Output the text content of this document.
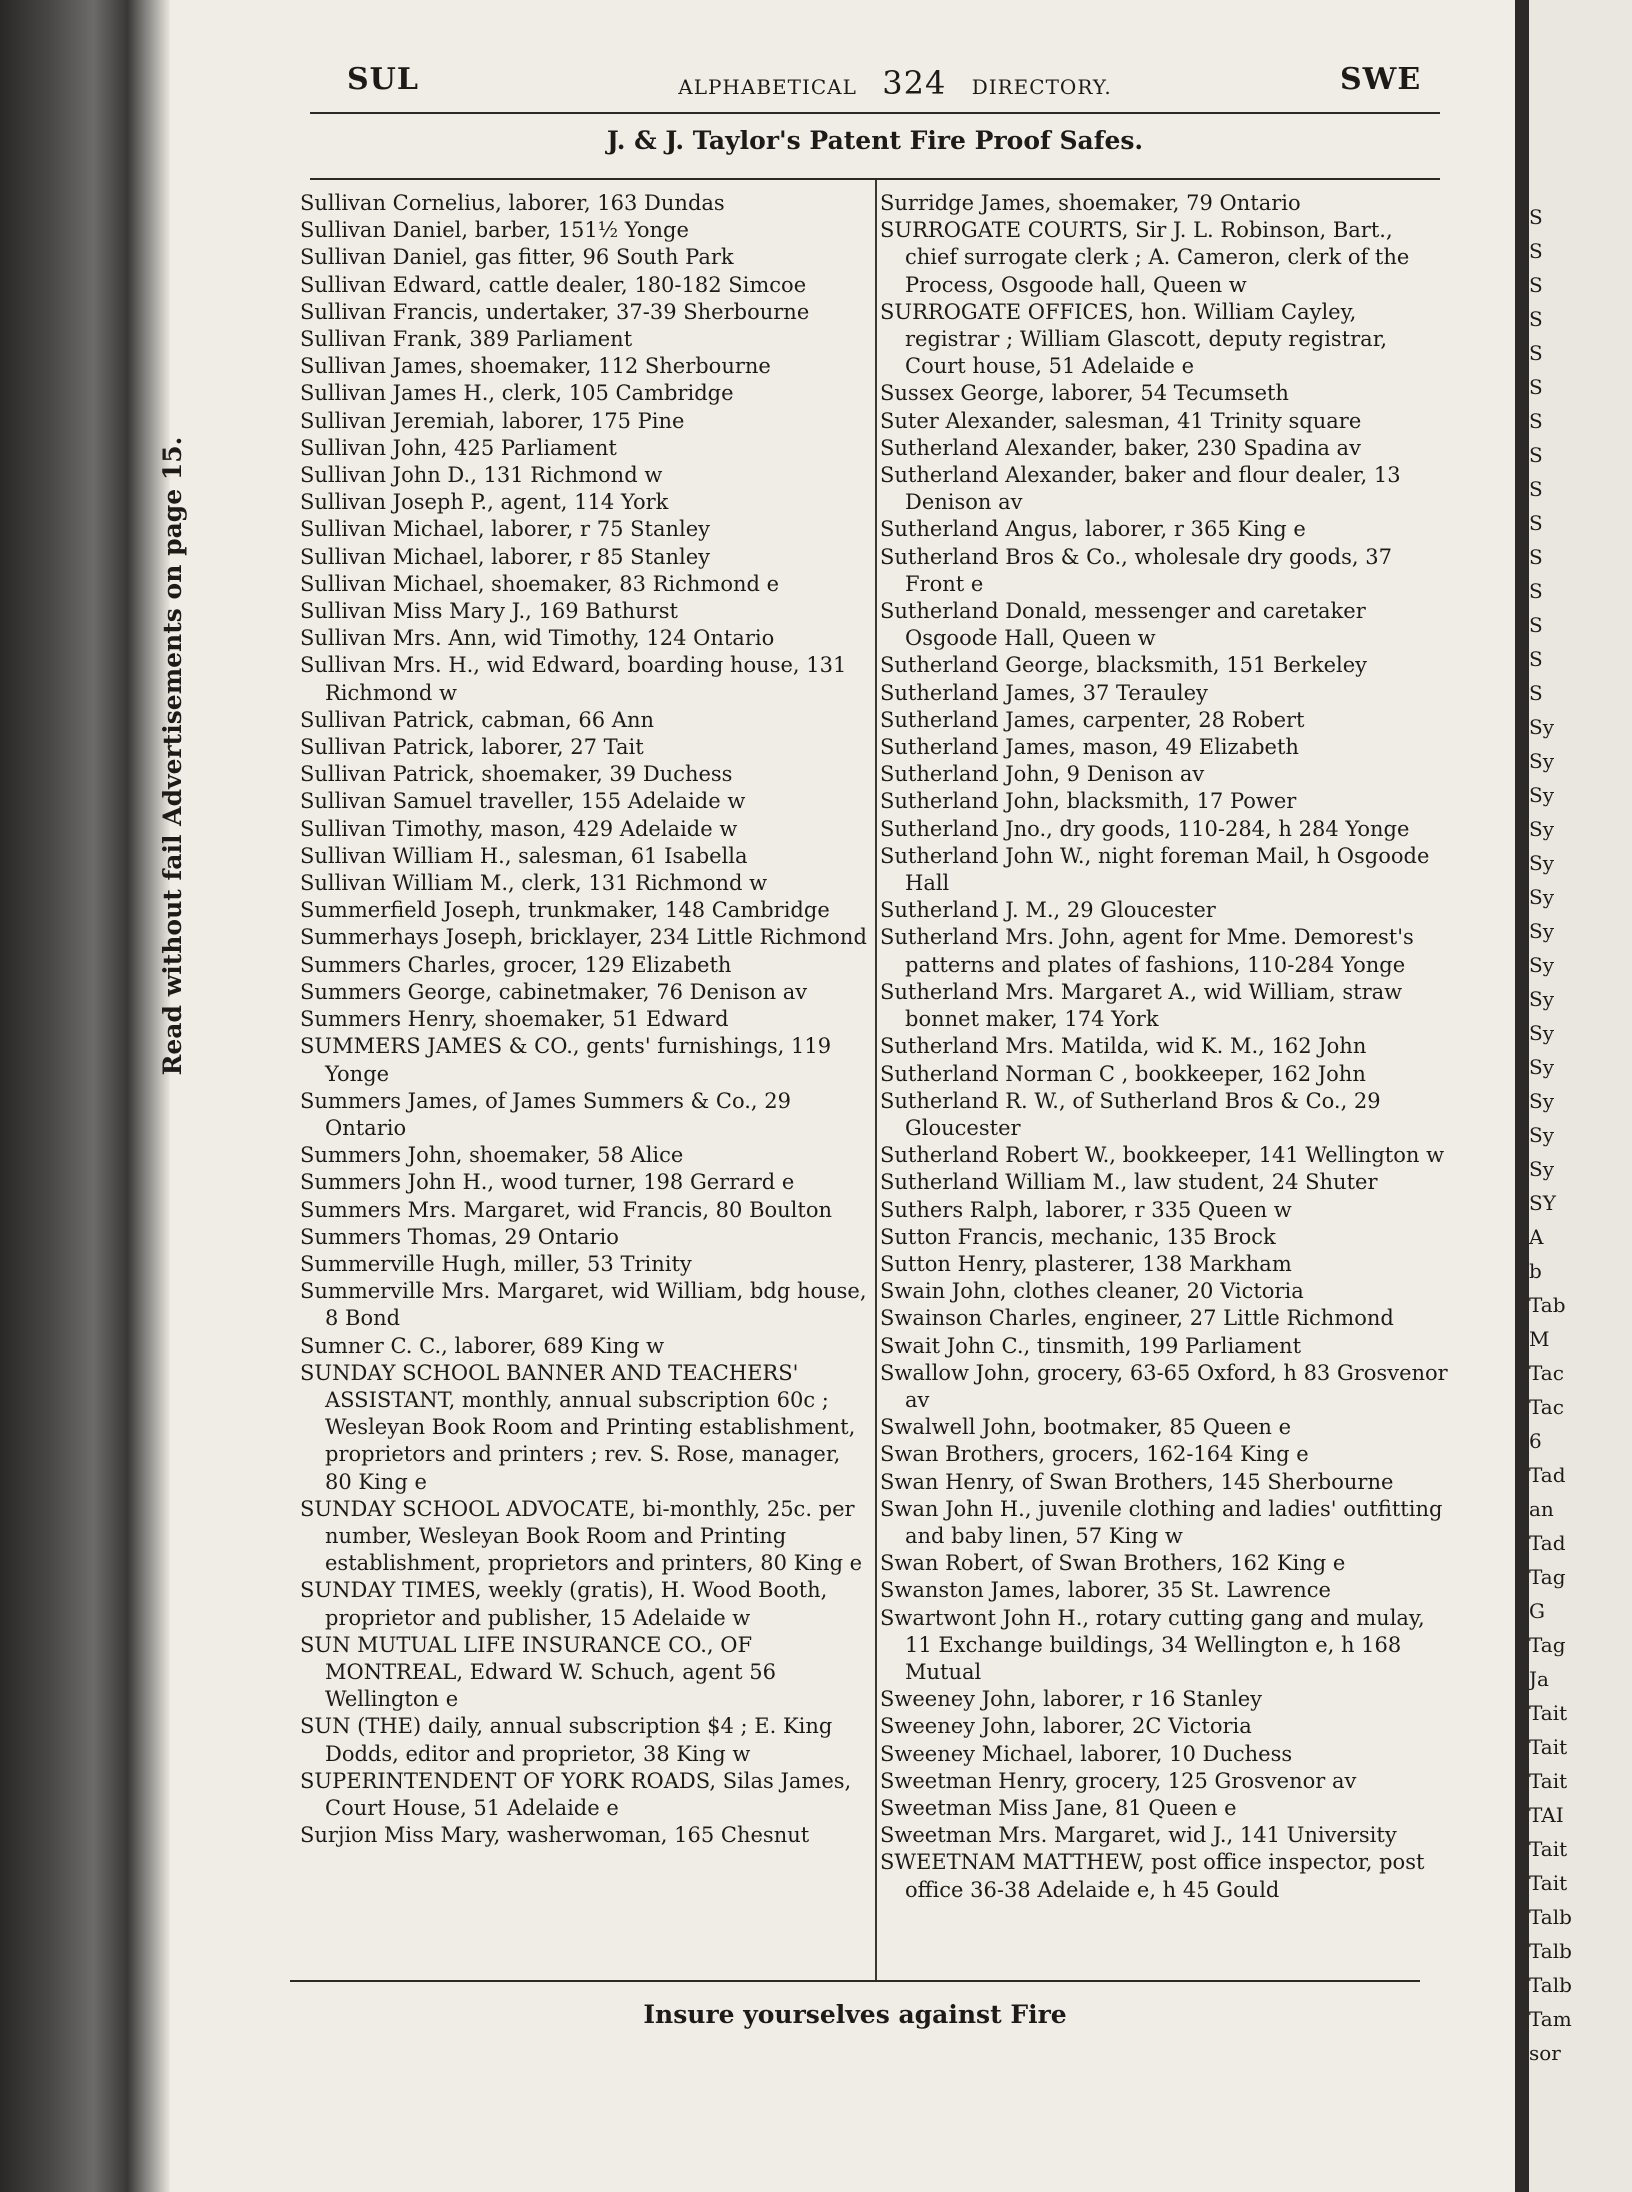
SUL	ALPHABETICAL 324 DIRECTORY.	SWE
J. & J. Taylor's Patent Fire Proof Safes.
Read without fail Advertisements on page 15.
Sullivan Cornelius, laborer, 163 Dundas
Sullivan Daniel, barber, 151½ Yonge
Sullivan Daniel, gas fitter, 96 South Park
Sullivan Edward, cattle dealer, 180-182 Simcoe
Sullivan Francis, undertaker, 37-39 Sherbourne
Sullivan Frank, 389 Parliament
Sullivan James, shoemaker, 112 Sherbourne
Sullivan James H., clerk, 105 Cambridge
Sullivan Jeremiah, laborer, 175 Pine
Sullivan John, 425 Parliament
Sullivan John D., 131 Richmond w
Sullivan Joseph P., agent, 114 York
Sullivan Michael, laborer, r 75 Stanley
Sullivan Michael, laborer, r 85 Stanley
Sullivan Michael, shoemaker, 83 Richmond e
Sullivan Miss Mary J., 169 Bathurst
Sullivan Mrs. Ann, wid Timothy, 124 Ontario
Sullivan Mrs. H., wid Edward, boarding house, 131 Richmond w
Sullivan Patrick, cabman, 66 Ann
Sullivan Patrick, laborer, 27 Tait
Sullivan Patrick, shoemaker, 39 Duchess
Sullivan Samuel traveller, 155 Adelaide w
Sullivan Timothy, mason, 429 Adelaide w
Sullivan William H., salesman, 61 Isabella
Sullivan William M., clerk, 131 Richmond w
Summerfield Joseph, trunkmaker, 148 Cambridge
Summerhays Joseph, bricklayer, 234 Little Richmond
Summers Charles, grocer, 129 Elizabeth
Summers George, cabinetmaker, 76 Denison av
Summers Henry, shoemaker, 51 Edward
SUMMERS JAMES & CO., gents' furnishings, 119 Yonge
Summers James, of James Summers & Co., 29 Ontario
Summers John, shoemaker, 58 Alice
Summers John H., wood turner, 198 Gerrard e
Summers Mrs. Margaret, wid Francis, 80 Boulton
Summers Thomas, 29 Ontario
Summerville Hugh, miller, 53 Trinity
Summerville Mrs. Margaret, wid William, bdg house, 8 Bond
Sumner C. C., laborer, 689 King w
SUNDAY SCHOOL BANNER AND TEACHERS' ASSISTANT, monthly, annual subscription 60c ; Wesleyan Book Room and Printing establishment, proprietors and printers ; rev. S. Rose, manager, 80 King e
SUNDAY SCHOOL ADVOCATE, bi-monthly, 25c. per number, Wesleyan Book Room and Printing establishment, proprietors and printers, 80 King e
SUNDAY TIMES, weekly (gratis), H. Wood Booth, proprietor and publisher, 15 Adelaide w
SUN MUTUAL LIFE INSURANCE CO., OF MONTREAL, Edward W. Schuch, agent 56 Wellington e
SUN (THE) daily, annual subscription $4 ; E. King Dodds, editor and proprietor, 38 King w
SUPERINTENDENT OF YORK ROADS, Silas James, Court House, 51 Adelaide e
Surjion Miss Mary, washerwoman, 165 Chesnut
Surridge James, shoemaker, 79 Ontario
SURROGATE COURTS, Sir J. L. Robinson, Bart., chief surrogate clerk ; A. Cameron, clerk of the Process, Osgoode hall, Queen w
SURROGATE OFFICES, hon. William Cayley, registrar ; William Glascott, deputy registrar, Court house, 51 Adelaide e
Sussex George, laborer, 54 Tecumseth
Suter Alexander, salesman, 41 Trinity square
Sutherland Alexander, baker, 230 Spadina av
Sutherland Alexander, baker and flour dealer, 13 Denison av
Sutherland Angus, laborer, r 365 King e
Sutherland Bros & Co., wholesale dry goods, 37 Front e
Sutherland Donald, messenger and caretaker Osgoode Hall, Queen w
Sutherland George, blacksmith, 151 Berkeley
Sutherland James, 37 Terauley
Sutherland James, carpenter, 28 Robert
Sutherland James, mason, 49 Elizabeth
Sutherland John, 9 Denison av
Sutherland John, blacksmith, 17 Power
Sutherland Jno., dry goods, 110-284, h 284 Yonge
Sutherland John W., night foreman Mail, h Osgoode Hall
Sutherland J. M., 29 Gloucester
Sutherland Mrs. John, agent for Mme. Demorest's patterns and plates of fashions, 110-284 Yonge
Sutherland Mrs. Margaret A., wid William, straw bonnet maker, 174 York
Sutherland Mrs. Matilda, wid K. M., 162 John
Sutherland Norman C , bookkeeper, 162 John
Sutherland R. W., of Sutherland Bros & Co., 29 Gloucester
Sutherland Robert W., bookkeeper, 141 Wellington w
Sutherland William M., law student, 24 Shuter
Suthers Ralph, laborer, r 335 Queen w
Sutton Francis, mechanic, 135 Brock
Sutton Henry, plasterer, 138 Markham
Swain John, clothes cleaner, 20 Victoria
Swainson Charles, engineer, 27 Little Richmond
Swait John C., tinsmith, 199 Parliament
Swallow John, grocery, 63-65 Oxford, h 83 Grosvenor av
Swalwell John, bootmaker, 85 Queen e
Swan Brothers, grocers, 162-164 King e
Swan Henry, of Swan Brothers, 145 Sherbourne
Swan John H., juvenile clothing and ladies' outfitting and baby linen, 57 King w
Swan Robert, of Swan Brothers, 162 King e
Swanston James, laborer, 35 St. Lawrence
Swartwont John H., rotary cutting gang and mulay, 11 Exchange buildings, 34 Wellington e, h 168 Mutual
Sweeney John, laborer, r 16 Stanley
Sweeney John, laborer, 2C Victoria
Sweeney Michael, laborer, 10 Duchess
Sweetman Henry, grocery, 125 Grosvenor av
Sweetman Miss Jane, 81 Queen e
Sweetman Mrs. Margaret, wid J., 141 University
SWEETNAM MATTHEW, post office inspector, post office 36-38 Adelaide e, h 45 Gould
Insure yourselves against Fire
S
S
S
S
S
S
S
S
S
S
S
S
S
S
S
Sy
Sy
Sy
Sy
Sy
Sy
Sy
Sy
Sy
Sy
Sy
Sy
Sy
Sy
SY
A
b
Tab
M
Tac
Tac
6
Tad
an
Tad
Tag
G
Tag
Ja
Tait
Tait
Tait
TAI
Tait
Tait
Talb
Talb
Talb
Tam
sor
